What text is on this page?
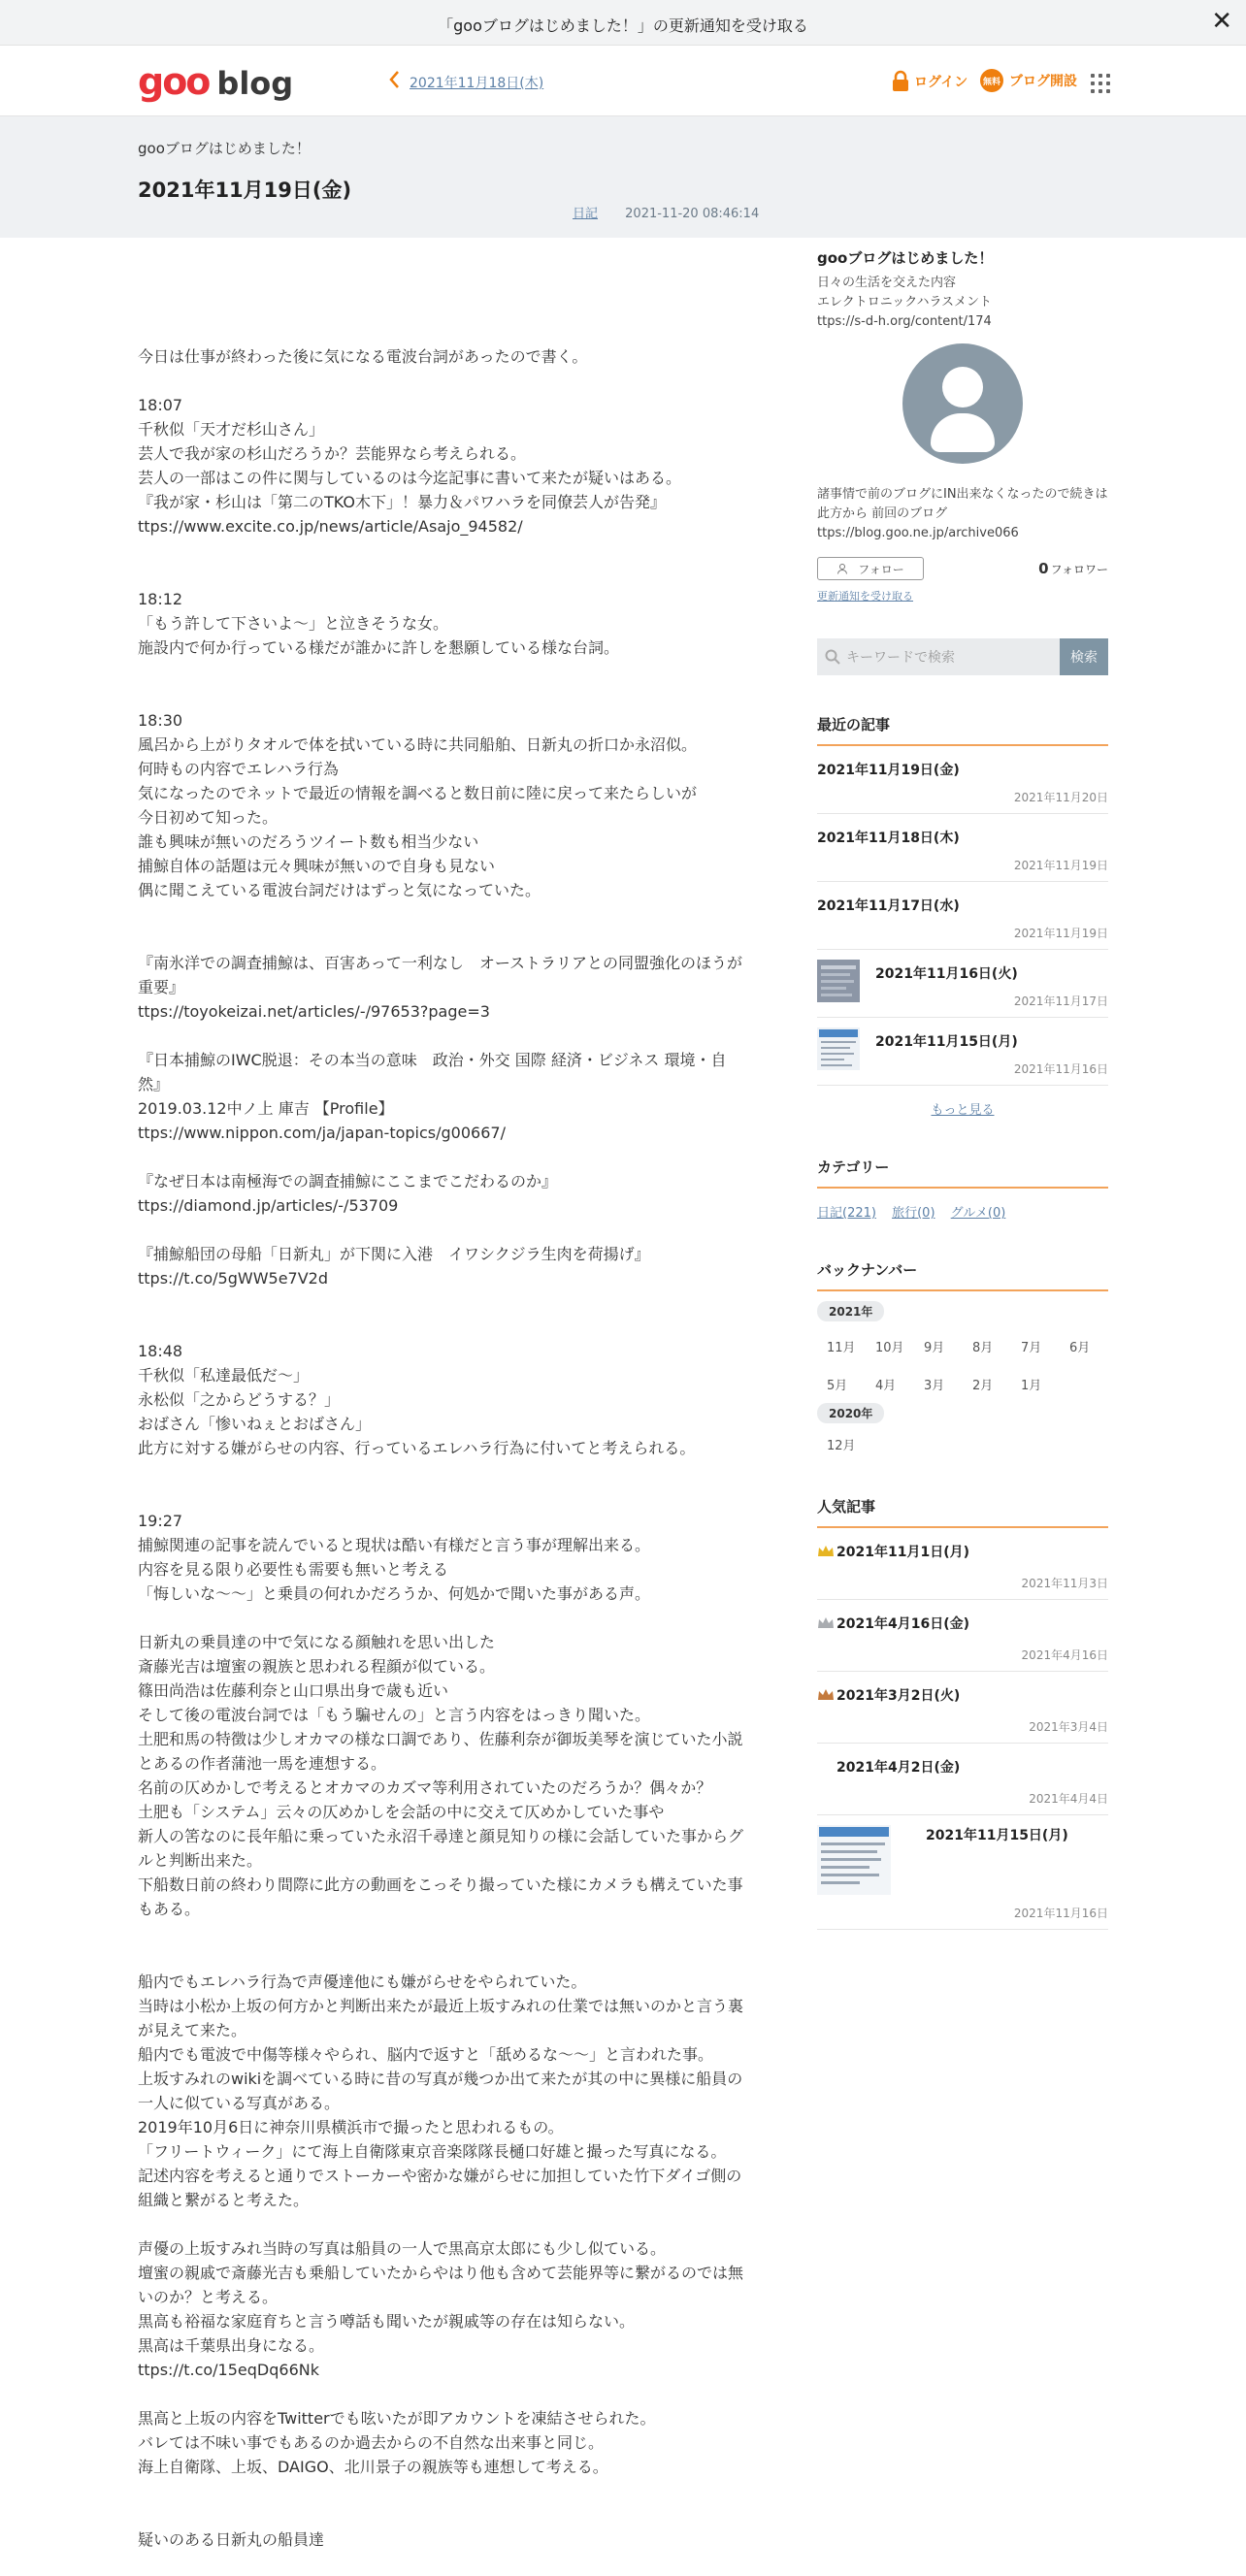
「gooブログはじめました！」の更新通知を受け取る	✕
goo blog	2021年11月18日(木)	ログイン	無料 ブログ開設
gooブログはじめました！
2021年11月19日(金)
日記 2021-11-20 08:46:14
今日は仕事が終わった後に気になる電波台詞があったので書く。
18:07
千秋似「天才だ杉山さん」
芸人で我が家の杉山だろうか？芸能界なら考えられる。
芸人の一部はこの件に関与しているのは今迄記事に書いて来たが疑いはある。
『我が家・杉山は「第二のTKO木下」！暴力＆パワハラを同僚芸人が告発』
ttps://www.excite.co.jp/news/article/Asajo_94582/
18:12
「もう許して下さいよ～」と泣きそうな女。
施設内で何か行っている様だが誰かに許しを懇願している様な台詞。
18:30
風呂から上がりタオルで体を拭いている時に共同船舶、日新丸の折口か永沼似。
何時もの内容でエレハラ行為
気になったのでネットで最近の情報を調べると数日前に陸に戻って来たらしいが
今日初めて知った。
誰も興味が無いのだろうツイート数も相当少ない
捕鯨自体の話題は元々興味が無いので自身も見ない
偶に聞こえている電波台詞だけはずっと気になっていた。
『南氷洋での調査捕鯨は、百害あって一利なし　オーストラリアとの同盟強化のほうが重要』
ttps://toyokeizai.net/articles/-/97653?page=3
『日本捕鯨のIWC脱退：その本当の意味　政治・外交 国際 経済・ビジネス 環境・自然』
2019.03.12中ノ上 庫吉 【Profile】
ttps://www.nippon.com/ja/japan-topics/g00667/
『なぜ日本は南極海での調査捕鯨にここまでこだわるのか』
ttps://diamond.jp/articles/-/53709
『捕鯨船団の母船「日新丸」が下関に入港　イワシクジラ生肉を荷揚げ』
ttps://t.co/5gWW5e7V2d
18:48
千秋似「私達最低だ～」
永松似「之からどうする？」
おばさん「惨いねぇとおばさん」
此方に対する嫌がらせの内容、行っているエレハラ行為に付いてと考えられる。
19:27
捕鯨関連の記事を読んでいると現状は酷い有様だと言う事が理解出来る。
内容を見る限り必要性も需要も無いと考える
「悔しいな～～」と乗員の何れかだろうか、何処かで聞いた事がある声。
日新丸の乗員達の中で気になる顔触れを思い出した
斎藤光吉は壇蜜の親族と思われる程顔が似ている。
篠田尚浩は佐藤利奈と山口県出身で歳も近い
そして後の電波台詞では「もう騙せんの」と言う内容をはっきり聞いた。
土肥和馬の特徴は少しオカマの様な口調であり、佐藤利奈が御坂美琴を演じていた小説とあるの作者蒲池一馬を連想する。
名前の仄めかしで考えるとオカマのカズマ等利用されていたのだろうか？偶々か？
土肥も「システム」云々の仄めかしを会話の中に交えて仄めかしていた事や
新人の筈なのに長年船に乗っていた永沼千尋達と顔見知りの様に会話していた事からグルと判断出来た。
下船数日前の終わり間際に此方の動画をこっそり撮っていた様にカメラも構えていた事もある。
船内でもエレハラ行為で声優達他にも嫌がらせをやられていた。
当時は小松か上坂の何方かと判断出来たが最近上坂すみれの仕業では無いのかと言う裏が見えて来た。
船内でも電波で中傷等様々やられ、脳内で返すと「舐めるな～～」と言われた事。
上坂すみれのwikiを調べている時に昔の写真が幾つか出て来たが其の中に異様に船員の一人に似ている写真がある。
2019年10月6日に神奈川県横浜市で撮ったと思われるもの。
「フリートウィーク」にて海上自衛隊東京音楽隊隊長樋口好雄と撮った写真になる。
記述内容を考えると通りでストーカーや密かな嫌がらせに加担していた竹下ダイゴ側の組織と繋がると考えた。
声優の上坂すみれ当時の写真は船員の一人で黒高京太郎にも少し似ている。
壇蜜の親戚で斎藤光吉も乗船していたからやはり他も含めて芸能界等に繋がるのでは無いのか？と考える。
黒高も裕福な家庭育ちと言う噂話も聞いたが親戚等の存在は知らない。
黒高は千葉県出身になる。
ttps://t.co/15eqDq66Nk
黒高と上坂の内容をTwitterでも呟いたが即アカウントを凍結させられた。
バレては不味い事でもあるのか過去からの不自然な出来事と同じ。
海上自衛隊、上坂、DAIGO、北川景子の親族等も連想して考える。
疑いのある日新丸の船員達
gooブログはじめました！
日々の生活を交えた内容
エレクトロニックハラスメント
ttps://s-d-h.org/content/174
諸事情で前のブログにIN出来なくなったので続きは此方から 前回のブログ ttps://blog.goo.ne.jp/archive066
フォロー	0 フォロワー
更新通知を受け取る
キーワードで検索	検索
最近の記事
2021年11月19日(金)
2021年11月20日
2021年11月18日(木)
2021年11月19日
2021年11月17日(水)
2021年11月19日
2021年11月16日(火)
2021年11月17日
2021年11月15日(月)
2021年11月16日
もっと見る
カテゴリー
日記(221) 旅行(0) グルメ(0)
バックナンバー
2021年
11月	10月	9月	8月	7月	6月
5月	4月	3月	2月	1月
2020年
12月
人気記事
2021年11月1日(月)
2021年11月3日
2021年4月16日(金)
2021年4月16日
2021年3月2日(火)
2021年3月4日
2021年4月2日(金)
2021年4月4日
2021年11月15日(月)
2021年11月16日
